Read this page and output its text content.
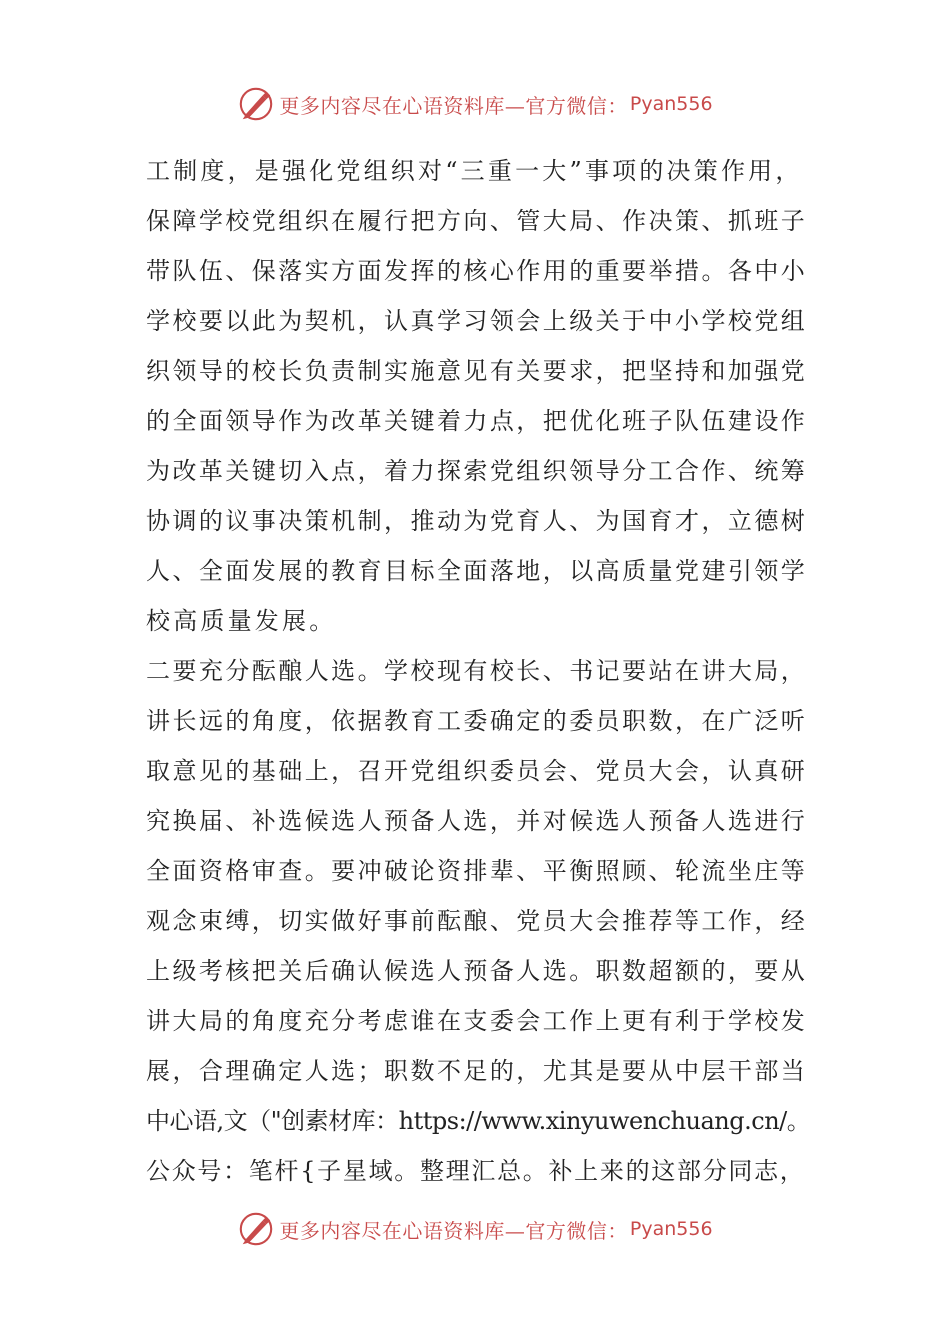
更多内容尽在心语资料库—官方微信： Pyan556
工制度，是强化党组织对“三重一大”事项的决策作用，
保障学校党组织在履行把方向、管大局、作决策、抓班子
带队伍、保落实方面发挥的核心作用的重要举措。各中小
学校要以此为契机，认真学习领会上级关于中小学校党组
织领导的校长负责制实施意见有关要求，把坚持和加强党
的全面领导作为改革关键着力点，把优化班子队伍建设作
为改革关键切入点，着力探索党组织领导分工合作、统筹
协调的议事决策机制，推动为党育人、为国育才，立德树
人、全面发展的教育目标全面落地，以高质量党建引领学
校高质量发展。
二要充分酝酿人选。学校现有校长、书记要站在讲大局，
讲长远的角度，依据教育工委确定的委员职数，在广泛听
取意见的基础上，召开党组织委员会、党员大会，认真研
究换届、补选候选人预备人选，并对候选人预备人选进行
全面资格审查。要冲破论资排辈、平衡照顾、轮流坐庄等
观念束缚，切实做好事前酝酿、党员大会推荐等工作，经
上级考核把关后确认候选人预备人选。职数超额的，要从
讲大局的角度充分考虑谁在支委会工作上更有利于学校发
展，合理确定人选；职数不足的，尤其是要从中层干部当
中心语,文（"创素材库：https://www.xinyuwenchuang.cn/。
公众号：笔杆{子星域。整理汇总。补上来的这部分同志，
更多内容尽在心语资料库—官方微信： Pyan556
